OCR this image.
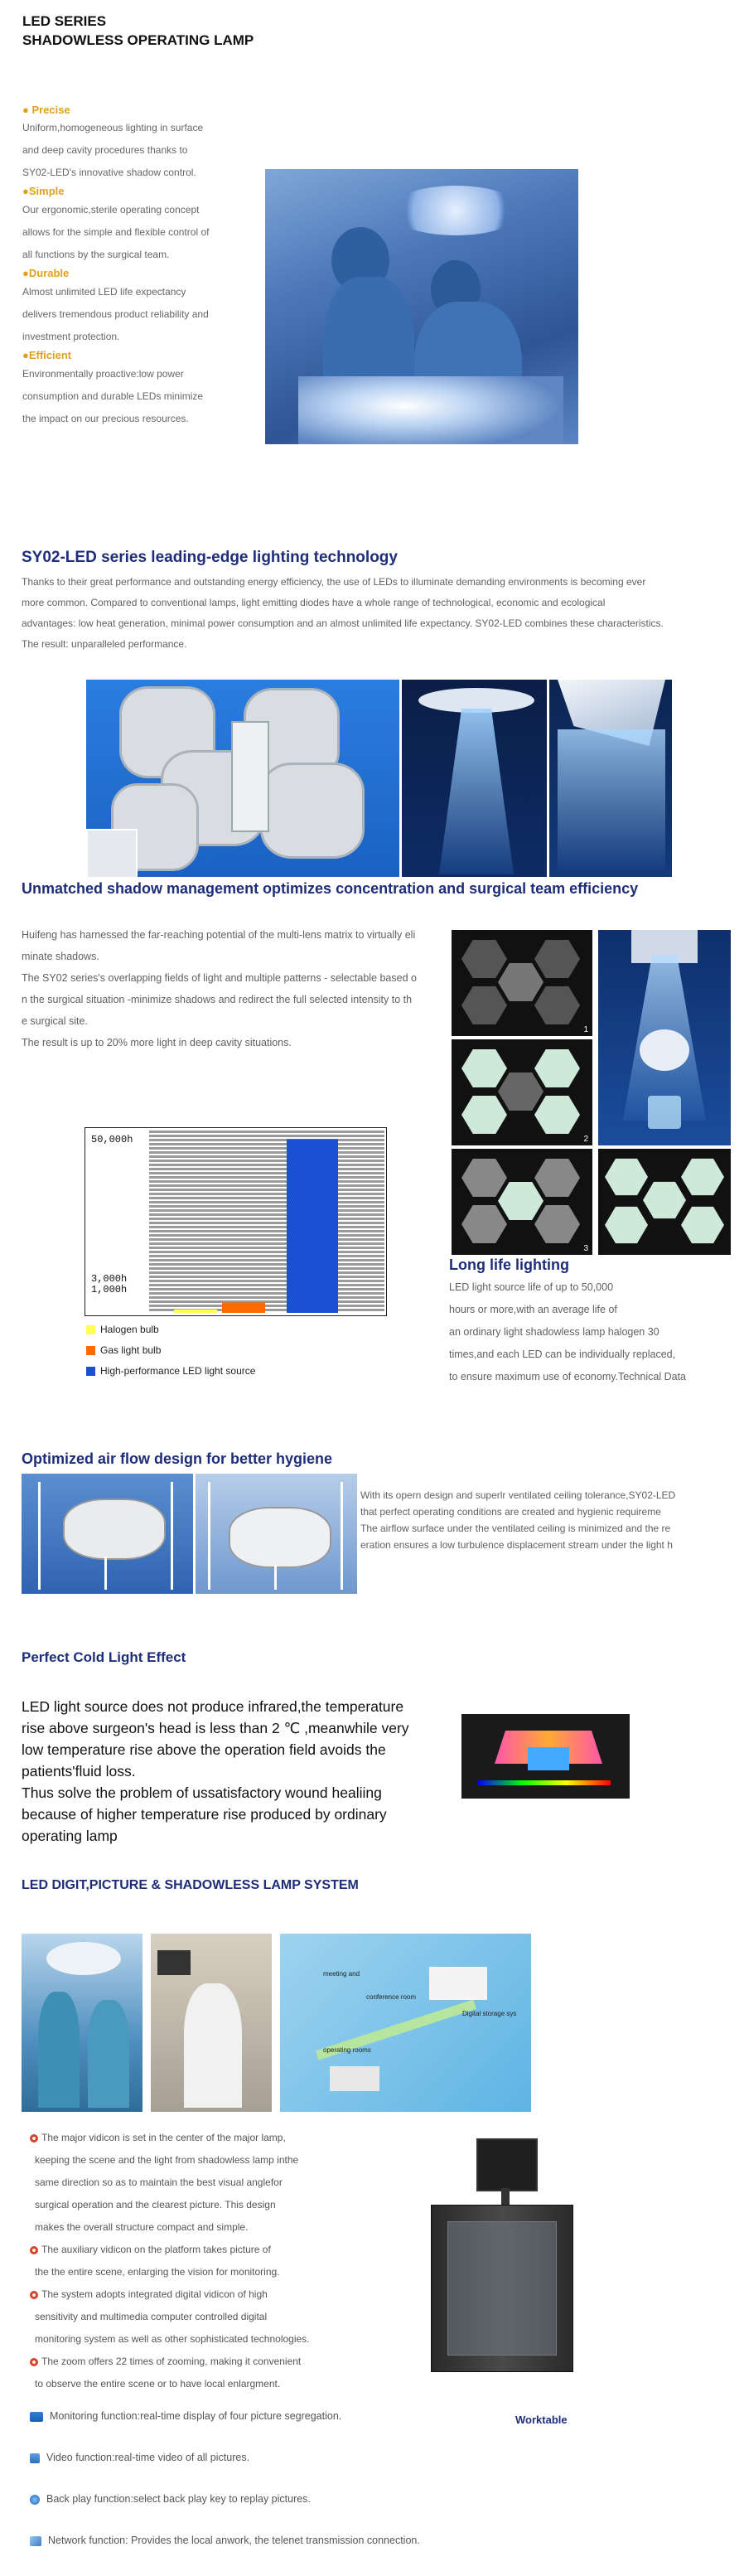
LED SERIES
SHADOWLESS OPERATING LAMP
● Precise
Uniform,homogeneous lighting in surface
and deep cavity procedures thanks to
SY02-LED's innovative shadow control.
●Simple
Our ergonomic,sterile operating concept
allows for the simple and flexible control of
all functions by the surgical team.
●Durable
Almost unlimited LED life expectancy
delivers tremendous product reliability and
investment protection.
●Efficient
Environmentally proactive:low power
consumption and durable LEDs minimize
the impact on our precious resources.
SY02-LED series leading-edge lighting technology
Thanks to their great performance and outstanding energy efficiency, the use of LEDs to illuminate demanding environments is becoming ever
more common. Compared to conventional lamps, light emitting diodes have a whole range of technological, economic and ecological
advantages: low heat generation, minimal power consumption and an almost unlimited life expectancy. SY02-LED combines these characteristics.
The result: unparalleled performance.
Unmatched shadow management optimizes concentration and surgical team efficiency
Huifeng has harnessed the far-reaching potential of the multi-lens matrix to virtually eli
minate shadows.
The SY02 series's overlapping fields of light and multiple patterns - selectable based o
n the surgical situation -minimize shadows and redirect the full selected intensity to th
e surgical site.
The result is up to 20% more light in deep cavity situations.
1
2
3
50,000h
3,000h
1,000h
Halogen bulb
Gas light bulb
High-performance LED light source
Long life lighting
LED light source life of up to 50,000
hours or more,with an average life of
an ordinary light shadowless lamp halogen 30
times,and each LED can be individually replaced,
to ensure maximum use of economy.Technical Data
Optimized air flow design for better hygiene
With its opern design and superlr ventilated ceiling tolerance,SY02-LED
that perfect operating conditions are created and hygienic requireme
The airflow surface under the ventilated ceiling is minimized and the re
eration ensures a low turbulence displacement stream under the light h
Perfect Cold Light Effect
LED light source does not produce infrared,the temperature
rise above surgeon's head is less than 2 ℃ ,meanwhile very
low temperature rise above the operation field avoids the
patients'fluid loss.
Thus solve the problem of ussatisfactory wound healiing
because of higher temperature rise produced by ordinary
operating lamp
LED DIGIT,PICTURE & SHADOWLESS LAMP SYSTEM
meeting and
conference room
Digital storage sys
operating rooms
The major vidicon is set in the center of the major lamp,
keeping the scene and the light from shadowless lamp inthe
same direction so as to maintain the best visual anglefor
surgical operation and the clearest picture. This design
makes the overall structure compact and simple.
The auxiliary vidicon on the platform takes picture of
the the entire scene, enlarging the vision for monitoring.
The system adopts integrated digital vidicon of high
sensitivity and multimedia computer controlled digital
monitoring system as well as other sophisticated technologies.
The zoom offers 22 times of zooming, making it convenient
to observe the entire scene or to have local enlargment.
Worktable
Monitoring function:real-time display of four picture segregation.
Video function:real-time video of all pictures.
Back play function:select back play key to replay pictures.
Network function: Provides the local anwork, the telenet transmission connection.
